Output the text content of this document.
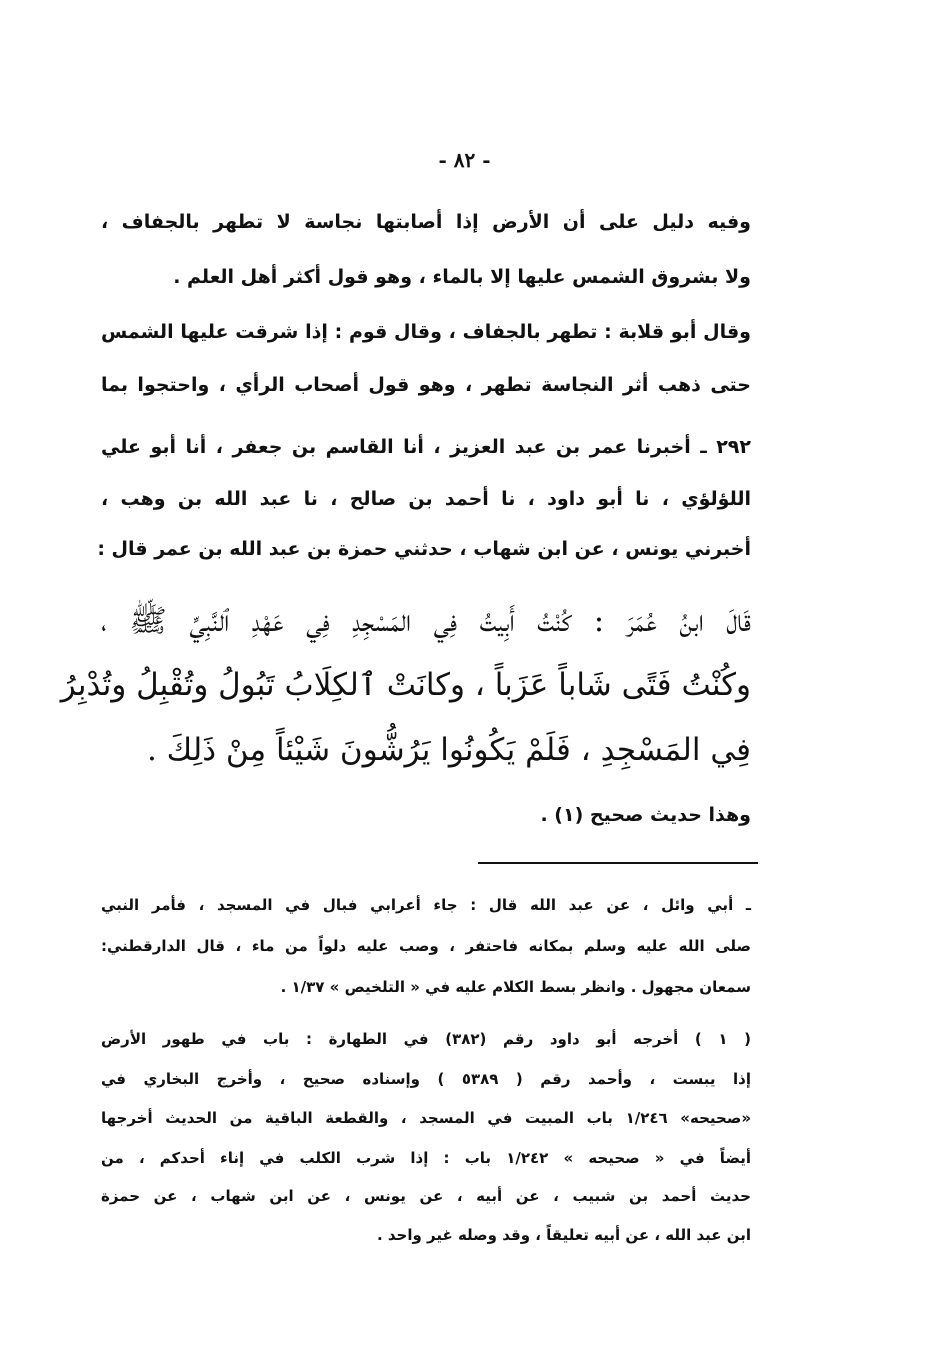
- ٨٢ -
وفيه دليل على أن الأرض إذا أصابتها نجاسة لا تطهر بالجفاف ،
ولا بشروق الشمس عليها إلا بالماء ، وهو قول أكثر أهل العلم .
وقال أبو قلابة : تطهر بالجفاف ، وقال قوم : إذا شرقت عليها الشمس
حتى ذهب أثر النجاسة تطهر ، وهو قول أصحاب الرأي ، واحتجوا بما
٢٩٢ ـ أخبرنا عمر بن عبد العزيز ، أنا القاسم بن جعفر ، أنا أبو علي
اللؤلؤي ، نا أبو داود ، نا أحمد بن صالح ، نا عبد الله بن وهب ،
أخبرني يونس ، عن ابن شهاب ، حدثني حمزة بن عبد الله بن عمر قال :
قَالَ ابنُ عُمَرَ : كُنْتُ أَبِيتُ فِي المَسْجِدِ فِي عَهْدِ ٱلنَّبِيِّ ﷺ ،
وكُنْتُ فَتًى شَاباً عَزَباً ، وكانَتْ ٱلكِلَابُ تَبُولُ وتُقْبِلُ وتُدْبِرُ
فِي المَسْجِدِ ، فَلَمْ يَكُونُوا يَرُشُّونَ شَيْئاً مِنْ ذَلِكَ .
وهذا حديث صحيح (١) .
ـ أبي وائل ، عن عبد الله قال : جاء أعرابي فبال في المسجد ، فأمر النبي
صلى الله عليه وسلم بمكانه فاحتفر ، وصب عليه دلواً من ماء ، قال الدارقطني:
سمعان مجهول . وانظر بسط الكلام عليه في « التلخيص » ١/٣٧ .
( ١ ) أخرجه أبو داود رقم (٣٨٢) في الطهارة : باب في طهور الأرض
إذا يبست ، وأحمد رقم ( ٥٣٨٩ ) وإسناده صحيح ، وأخرج البخاري في
«صحيحه» ١/٢٤٦ باب المبيت في المسجد ، والقطعة الباقية من الحديث أخرجها
أيضاً في « صحيحه » ١/٢٤٢ باب : إذا شرب الكلب في إناء أحدكم ، من
حديث أحمد بن شبيب ، عن أبيه ، عن يونس ، عن ابن شهاب ، عن حمزة
ابن عبد الله ، عن أبيه تعليقاً ، وقد وصله غير واحد .
